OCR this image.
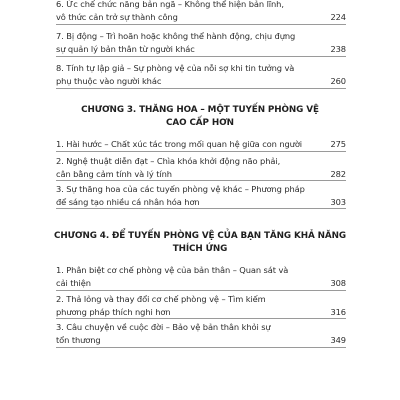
6. Ức chế chức năng bản ngã – Không thể hiện bản lĩnh,
vô thức cản trở sự thành công	224
7. Bị động – Trì hoãn hoặc không thể hành động, chịu đựng
sự quản lý bản thân từ người khác	238
8. Tính tự lập giả – Sự phòng vệ của nỗi sợ khi tin tưởng và
phụ thuộc vào người khác	260
CHƯƠNG 3. THĂNG HOA – MỘT TUYẾN PHÒNG VỆ
CAO CẤP HƠN
1. Hài hước – Chất xúc tác trong mối quan hệ giữa con người	275
2. Nghệ thuật diễn đạt – Chìa khóa khởi động não phải,
cân bằng cảm tính và lý tính	282
3. Sự thăng hoa của các tuyến phòng vệ khác – Phương pháp
để sáng tạo nhiều cá nhân hóa hơn	303
CHƯƠNG 4. ĐỂ TUYẾN PHÒNG VỆ CỦA BẠN TĂNG KHẢ NĂNG
THÍCH ỨNG
1. Phân biệt cơ chế phòng vệ của bản thân – Quan sát và
cải thiện	308
2. Thả lỏng và thay đổi cơ chế phòng vệ – Tìm kiếm
phương pháp thích nghi hơn	316
3. Câu chuyện về cuộc đời – Bảo vệ bản thân khỏi sự
tổn thương	349
